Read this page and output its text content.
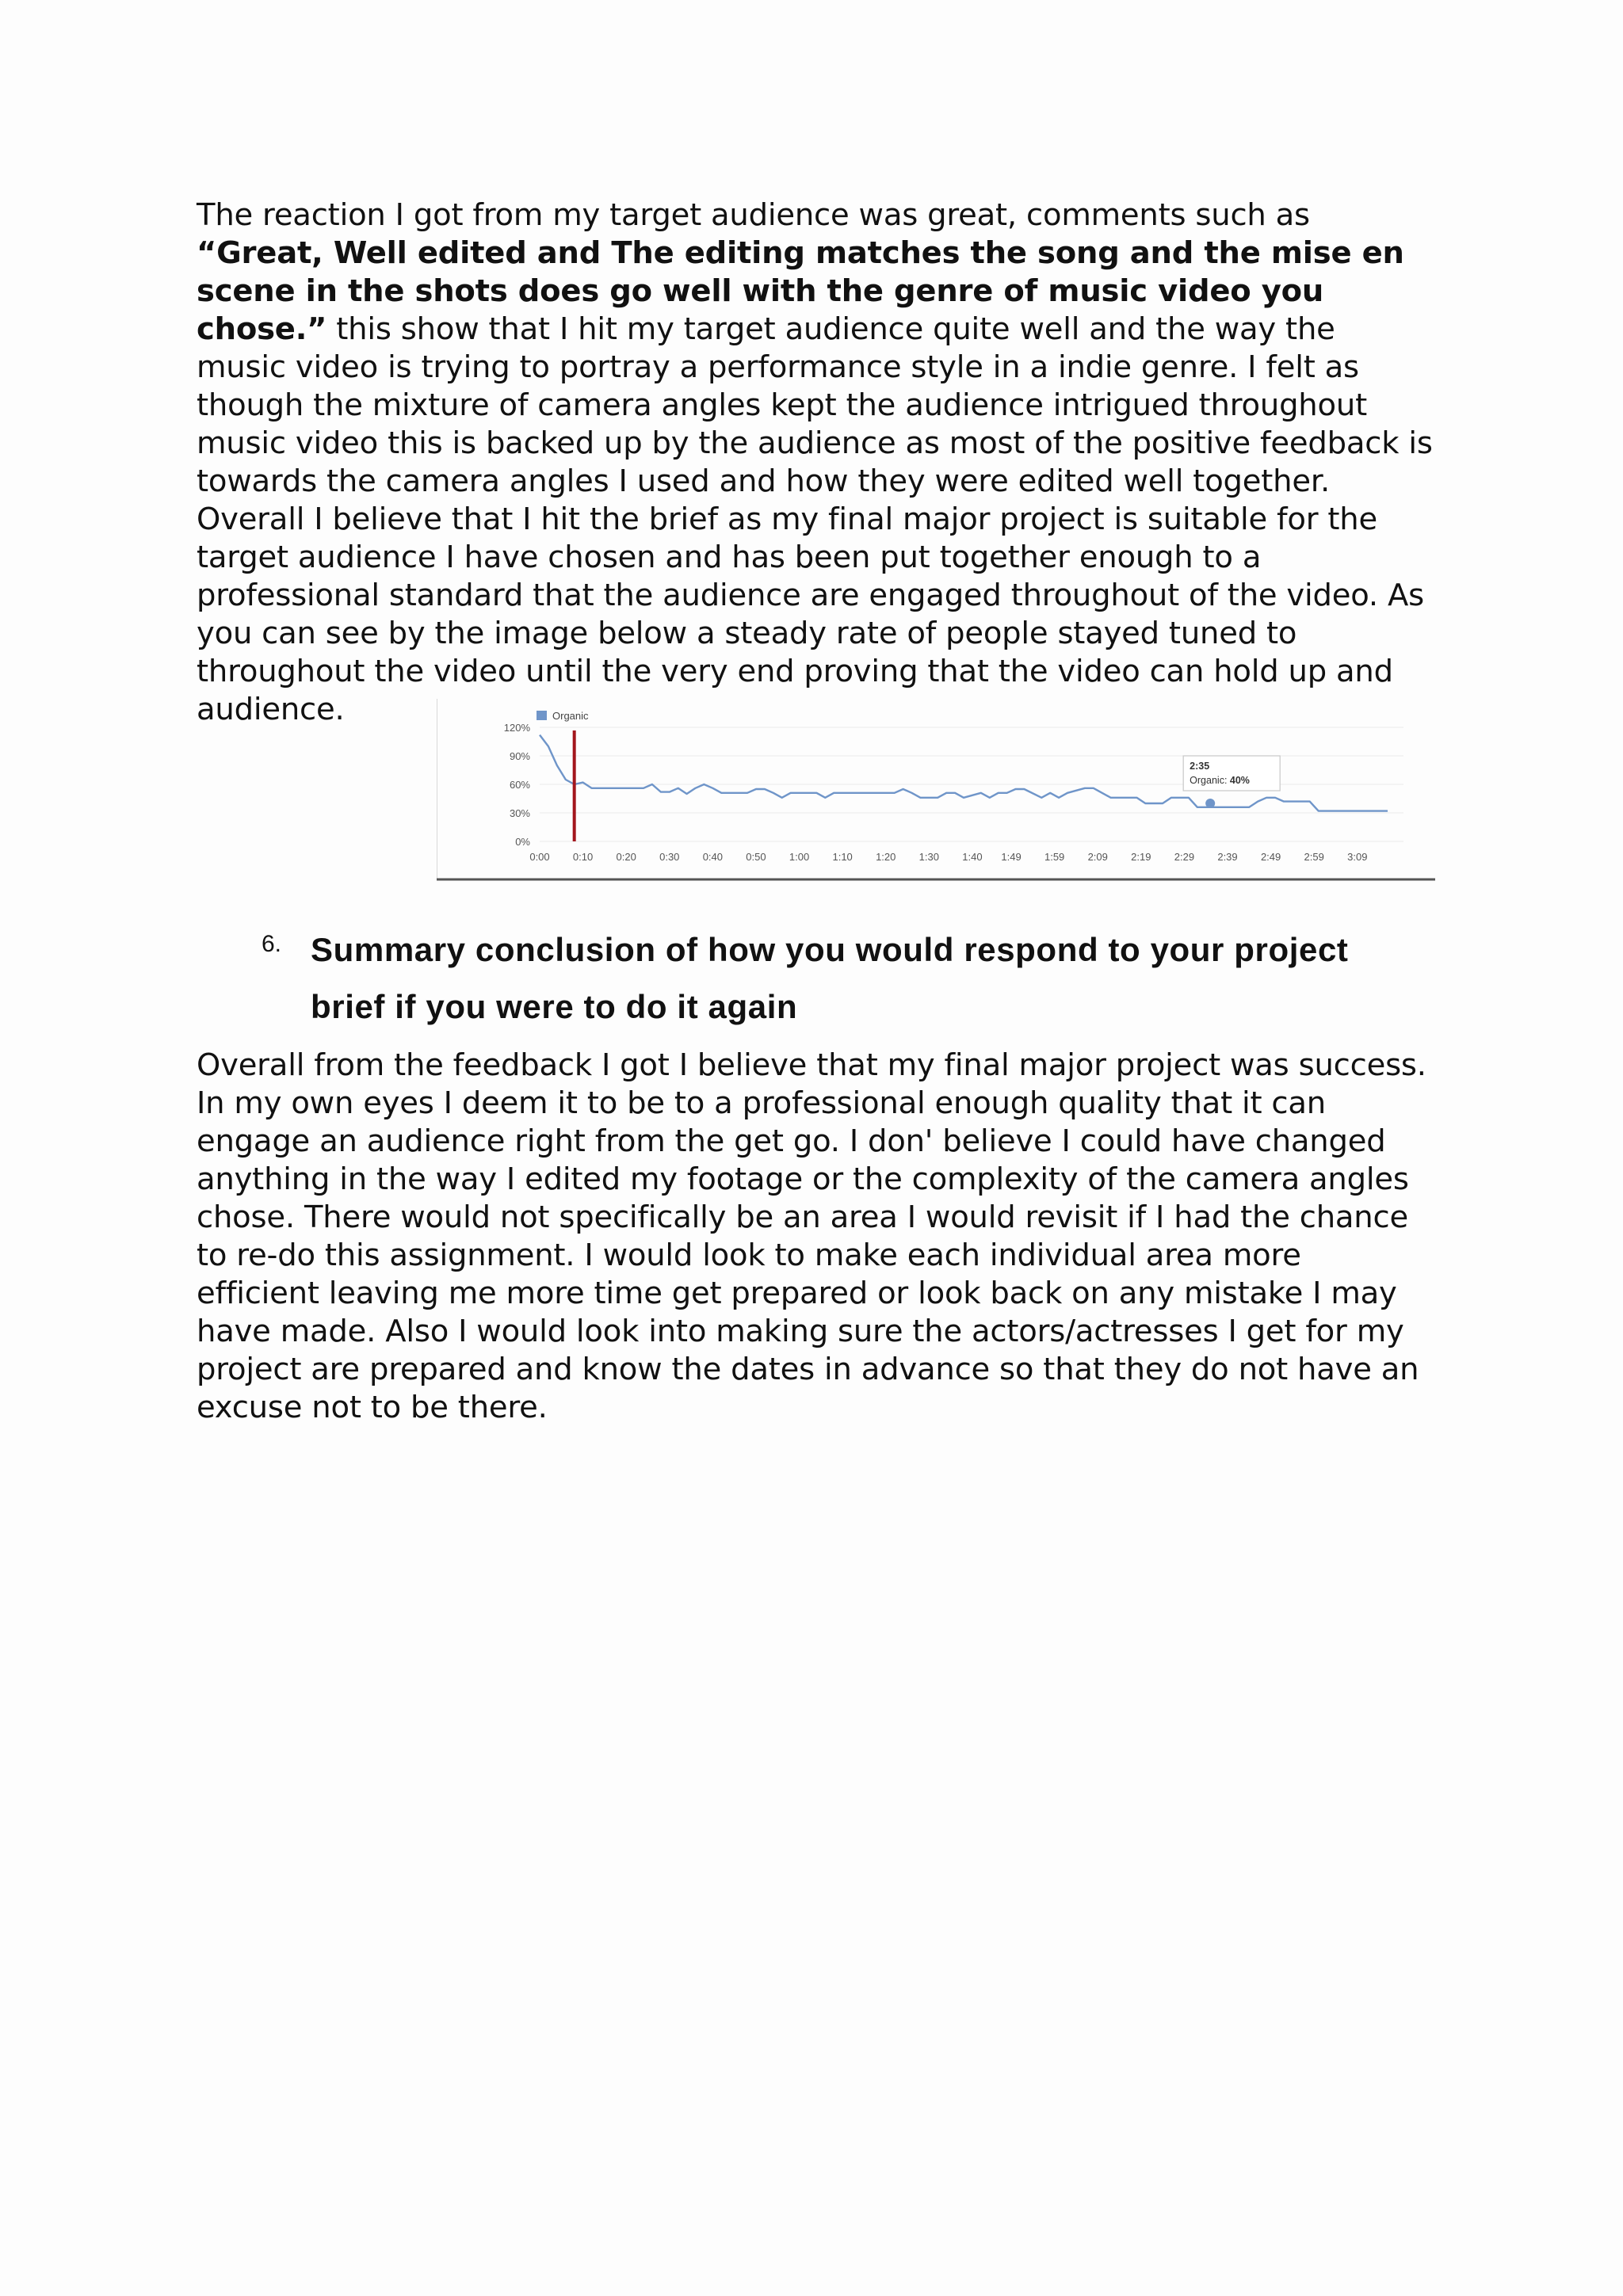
The reaction I got from my target audience was great, comments such as “Great, Well edited and The editing matches the song and the mise en scene in the shots does go well with the genre of music video you chose.” this show that I hit my target audience quite well and the way the music video is trying to portray a performance style in a indie genre. I felt as though the mixture of camera angles kept the audience intrigued throughout music video this is backed up by the audience as most of the positive feedback is towards the camera angles I used and how they were edited well together. Overall I believe that I hit the brief as my final major project is suitable for the target audience I have chosen and has been put together enough to a professional standard that the audience are engaged throughout of the video. As you can see by the image below a steady rate of people stayed tuned to throughout the video until the very end proving that the video can hold up and audience.	Organic
0%
30%
60%
90%
120%
0:00 0:10 0:20 0:30 0:40 0:50 1:00 1:10 1:20 1:30 1:40 1:49 1:59 2:09 2:19 2:29 2:39 2:49 2:59 3:09
2:35
Organic: 40%
6. Summary conclusion of how you would respond to your project brief if you were to do it again

Overall from the feedback I got I believe that my final major project was success. In my own eyes I deem it to be to a professional enough quality that it can engage an audience right from the get go. I don' believe I could have changed anything in the way I edited my footage or the complexity of the camera angles chose. There would not specifically be an area I would revisit if I had the chance to re-do this assignment. I would look to make each individual area more efficient leaving me more time get prepared or look back on any mistake I may have made. Also I would look into making sure the actors/actresses I get for my project are prepared and know the dates in advance so that they do not have an excuse not to be there.
